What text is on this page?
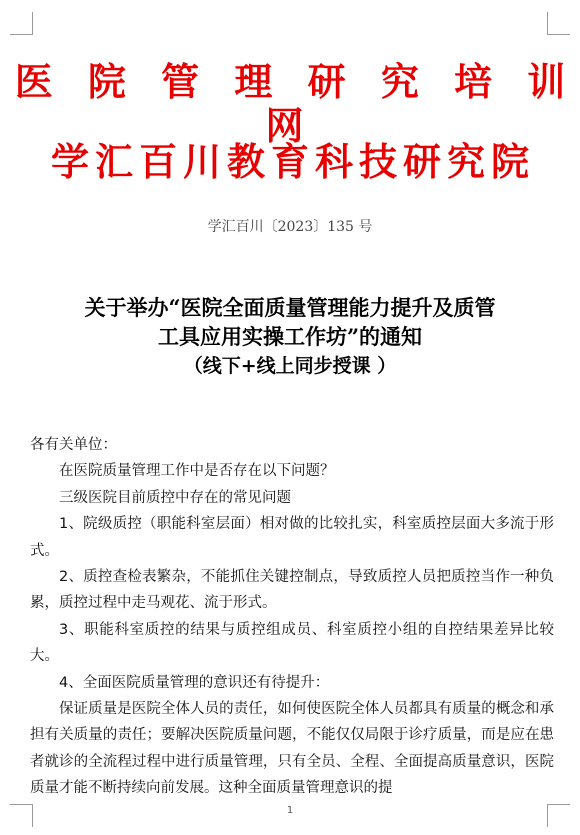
医 院 管 理 研 究 培 训 网
学汇百川教育科技研究院
学汇百川〔2023〕135 号
关于举办“医院全面质量管理能力提升及质管
工具应用实操工作坊”的通知
（线下+线上同步授课 ）

各有关单位：

在医院质量管理工作中是否存在以下问题？

三级医院目前质控中存在的常见问题

1、院级质控（职能科室层面）相对做的比较扎实，科室质控层面大多流于形式。

2、质控查检表繁杂，不能抓住关键控制点，导致质控人员把质控当作一种负累，质控过程中走马观花、流于形式。

3、职能科室质控的结果与质控组成员、科室质控小组的自控结果差异比较大。

4、全面医院质量管理的意识还有待提升：

保证质量是医院全体人员的责任，如何使医院全体人员都具有质量的概念和承担有关质量的责任；要解决医院质量问题，不能仅仅局限于诊疗质量，而是应在患者就诊的全流程过程中进行质量管理，只有全员、全程、全面提高质量意识，医院质量才能不断持续向前发展。这种全面质量管理意识的提

1
